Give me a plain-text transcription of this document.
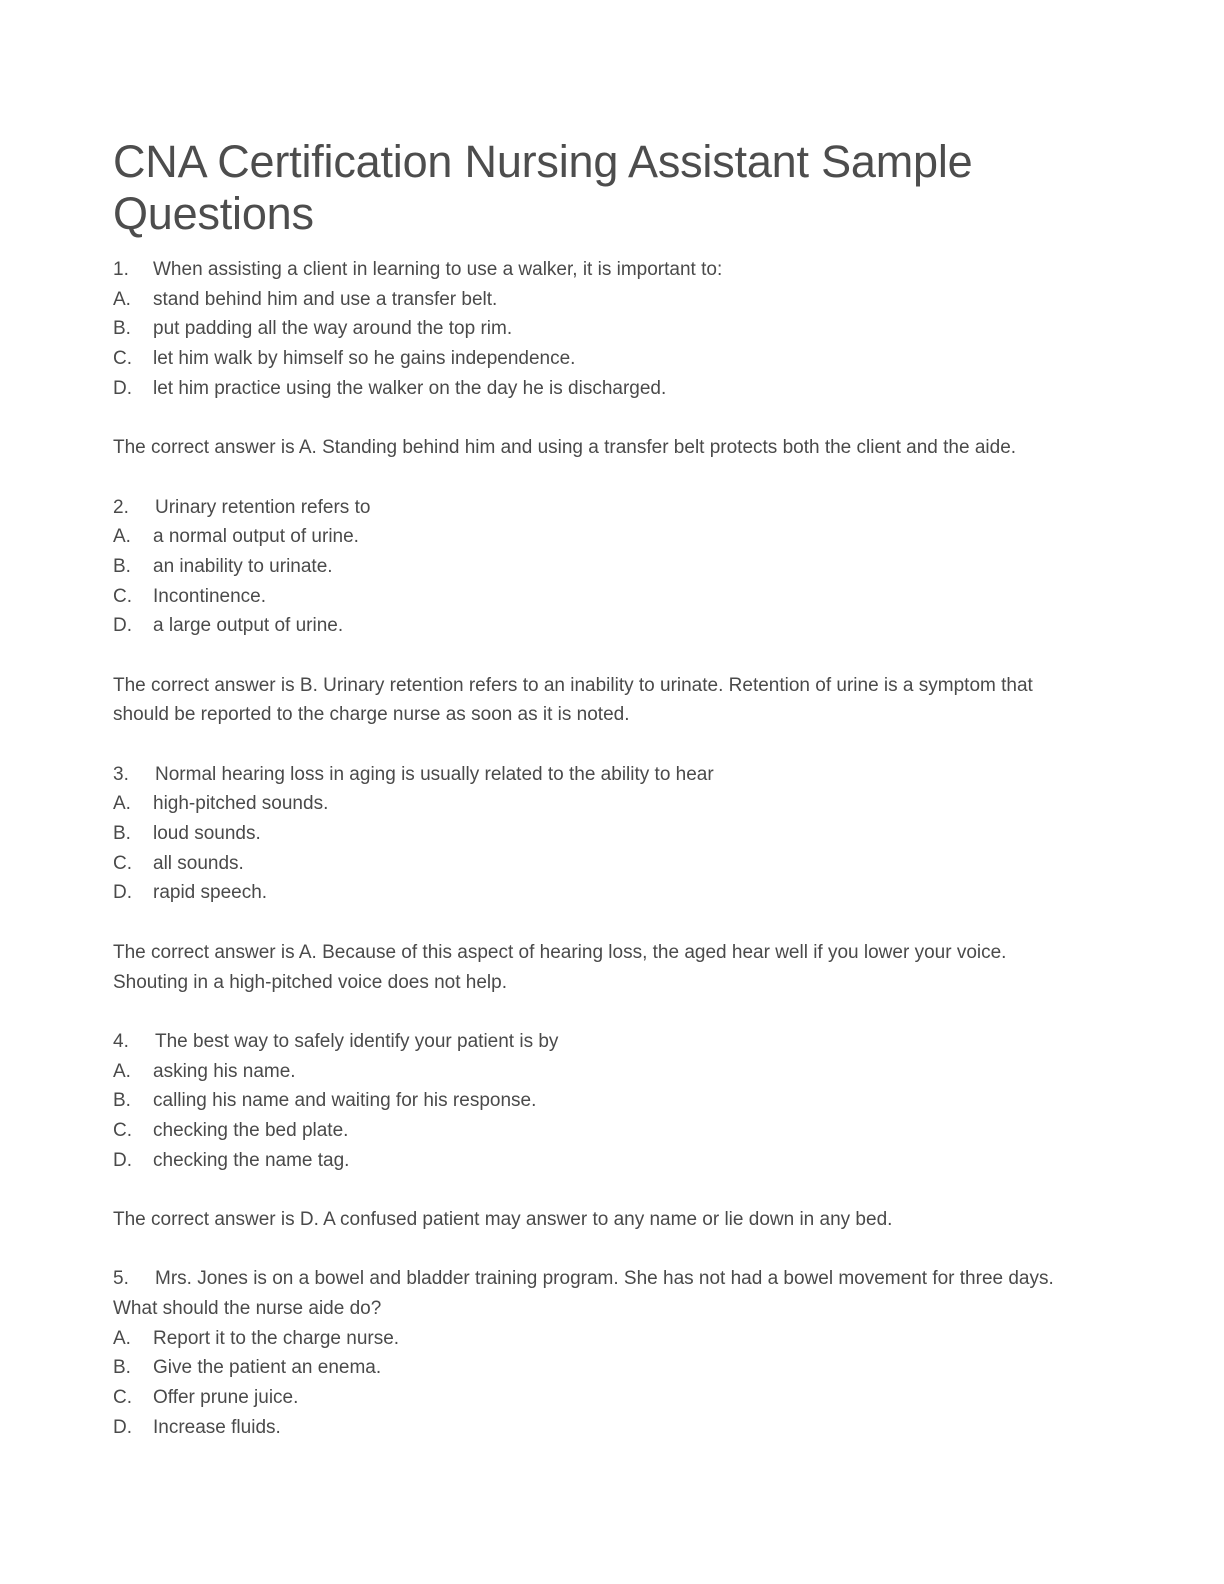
CNA Certification Nursing Assistant Sample Questions
1. When assisting a client in learning to use a walker, it is important to:
A. stand behind him and use a transfer belt.
B. put padding all the way around the top rim.
C. let him walk by himself so he gains independence.
D. let him practice using the walker on the day he is discharged.
The correct answer is A. Standing behind him and using a transfer belt protects both the client and the aide.
2. Urinary retention refers to
A. a normal output of urine.
B. an inability to urinate.
C. Incontinence.
D. a large output of urine.
The correct answer is B. Urinary retention refers to an inability to urinate. Retention of urine is a symptom that
should be reported to the charge nurse as soon as it is noted.
3. Normal hearing loss in aging is usually related to the ability to hear
A. high-pitched sounds.
B. loud sounds.
C. all sounds.
D. rapid speech.
The correct answer is A. Because of this aspect of hearing loss, the aged hear well if you lower your voice.
Shouting in a high-pitched voice does not help.
4. The best way to safely identify your patient is by
A. asking his name.
B. calling his name and waiting for his response.
C. checking the bed plate.
D. checking the name tag.
The correct answer is D. A confused patient may answer to any name or lie down in any bed.
5. Mrs. Jones is on a bowel and bladder training program. She has not had a bowel movement for three days.
What should the nurse aide do?
A. Report it to the charge nurse.
B. Give the patient an enema.
C. Offer prune juice.
D. Increase fluids.
